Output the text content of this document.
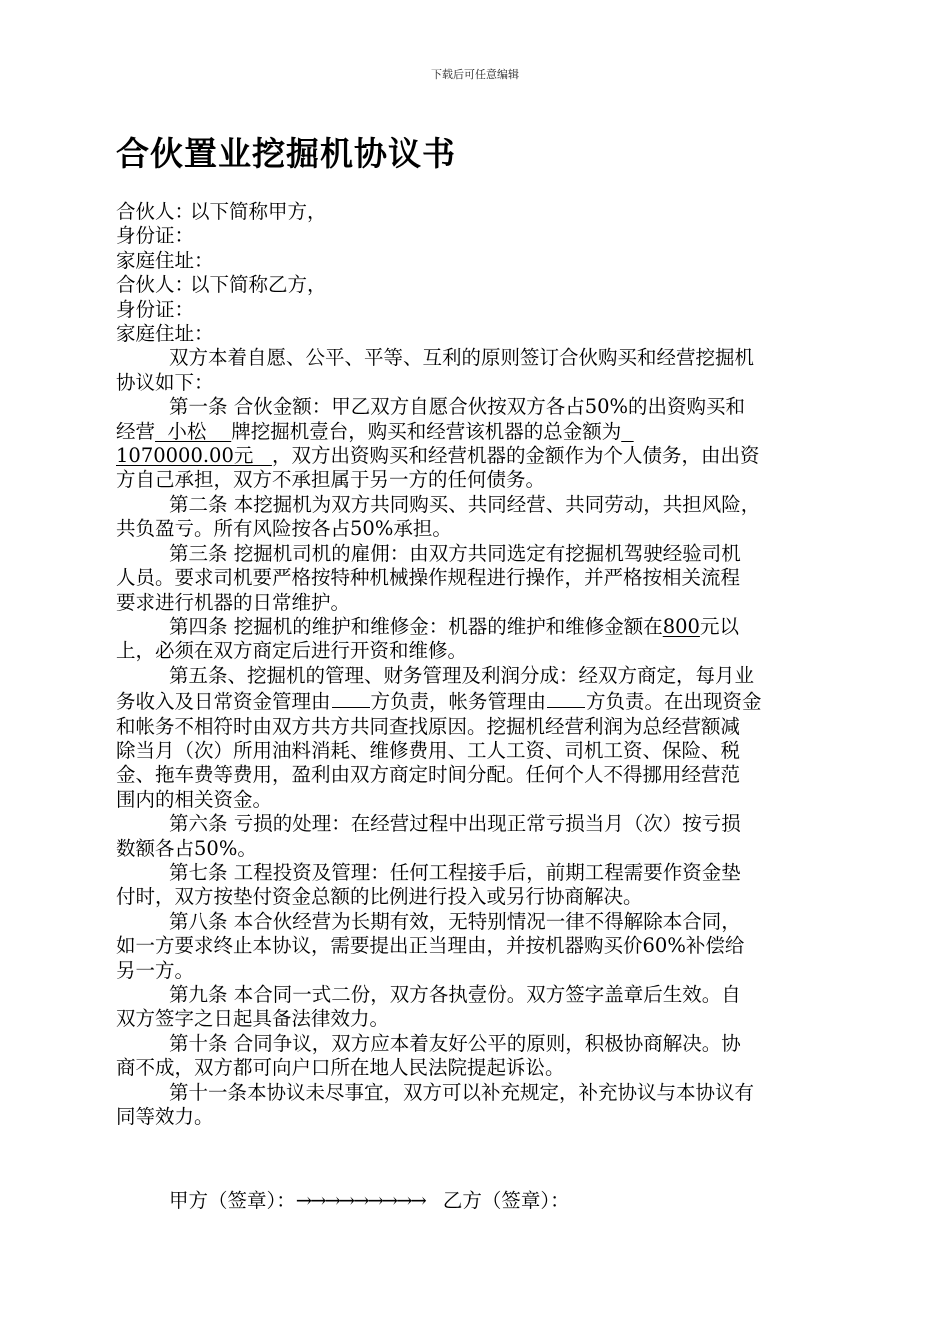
下载后可任意编辑
合伙置业挖掘机协议书
合伙人：以下简称甲方，
身份证：
家庭住址：
合伙人：以下简称乙方，
身份证：
家庭住址：
双方本着自愿、公平、平等、互利的原则签订合伙购买和经营挖掘机
协议如下：
第一条 合伙金额：甲乙双方自愿合伙按双方各占50%的出资购买和
经营  小松    牌挖掘机壹台，购买和经营该机器的总金额为
1070000.00元   ，双方出资购买和经营机器的金额作为个人债务，由出资
方自己承担，双方不承担属于另一方的任何债务。
第二条 本挖掘机为双方共同购买、共同经营、共同劳动，共担风险，
共负盈亏。所有风险按各占50%承担。
第三条 挖掘机司机的雇佣：由双方共同选定有挖掘机驾驶经验司机
人员。要求司机要严格按特种机械操作规程进行操作，并严格按相关流程
要求进行机器的日常维护。
第四条 挖掘机的维护和维修金：机器的维护和维修金额在800元以
上，必须在双方商定后进行开资和维修。
第五条、挖掘机的管理、财务管理及利润分成：经双方商定，每月业
务收入及日常资金管理由 方负责，帐务管理由 方负责。在出现资金
和帐务不相符时由双方共方共同查找原因。挖掘机经营利润为总经营额减
除当月（次）所用油料消耗、维修费用、工人工资、司机工资、保险、税
金、拖车费等费用，盈利由双方商定时间分配。任何个人不得挪用经营范
围内的相关资金。
第六条 亏损的处理：在经营过程中出现正常亏损当月（次）按亏损
数额各占50%。
第七条 工程投资及管理：任何工程接手后，前期工程需要作资金垫
付时，双方按垫付资金总额的比例进行投入或另行协商解决。
第八条 本合伙经营为长期有效，无特别情况一律不得解除本合同，
如一方要求终止本协议，需要提出正当理由，并按机器购买价60%补偿给
另一方。
第九条 本合同一式二份，双方各执壹份。双方签字盖章后生效。自
双方签字之日起具备法律效力。
第十条 合同争议，双方应本着友好公平的原则，积极协商解决。协
商不成，双方都可向户口所在地人民法院提起诉讼。
第十一条本协议未尽事宜，双方可以补充规定，补充协议与本协议有
同等效力。
甲方（签章）：→→→→→→→→→ 乙方（签章）：
